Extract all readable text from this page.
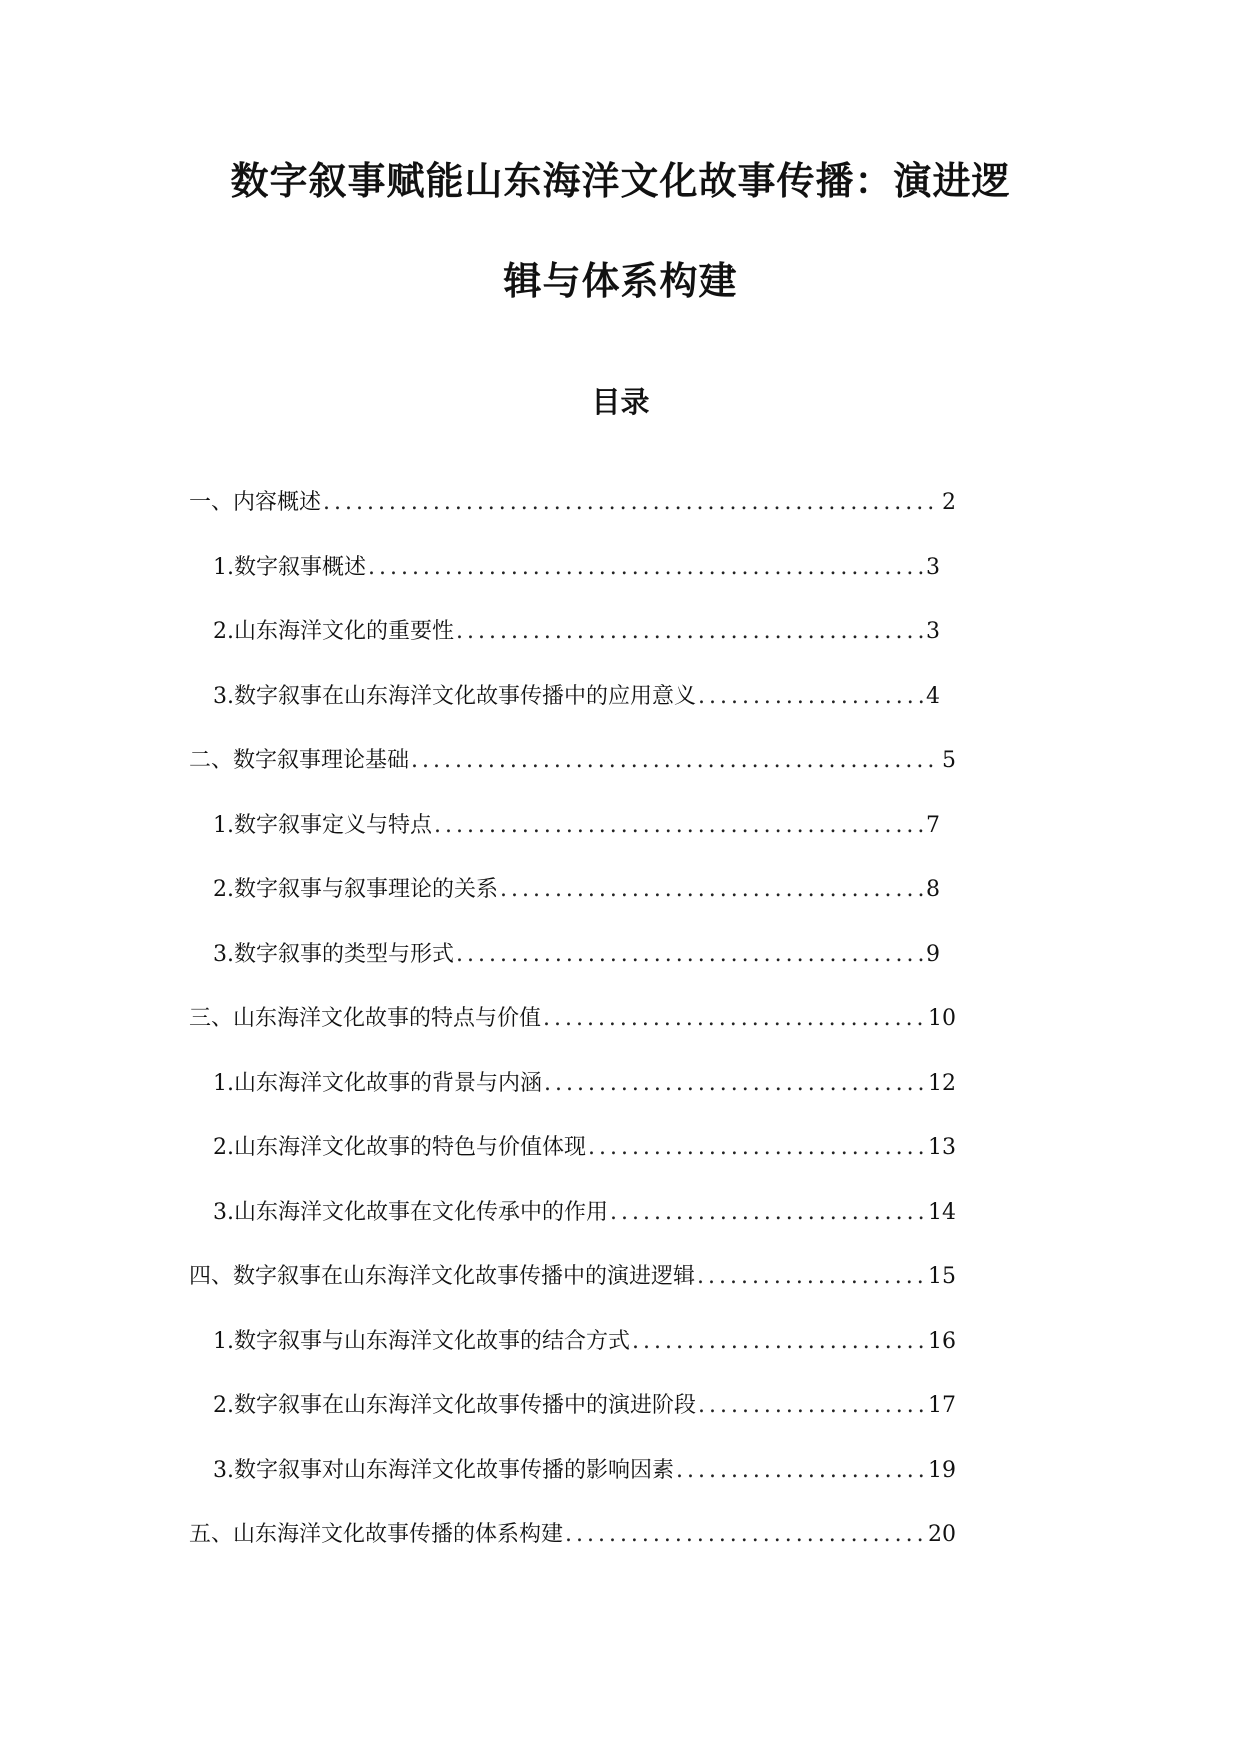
数字叙事赋能山东海洋文化故事传播：演进逻
辑与体系构建
目录
一、内容概述 . . .	2
1. 数字叙事概述 . . .	3
2. 山东海洋文化的重要性 . . .	3
3. 数字叙事在山东海洋文化故事传播中的应用意义 . . .	4
二、数字叙事理论基础 . . .	5
1. 数字叙事定义与特点 . . .	7
2. 数字叙事与叙事理论的关系 . . .	8
3. 数字叙事的类型与形式 . . .	9
三、山东海洋文化故事的特点与价值 . . .	10
1. 山东海洋文化故事的背景与内涵 . . .	12
2. 山东海洋文化故事的特色与价值体现 . . .	13
3. 山东海洋文化故事在文化传承中的作用 . . .	14
四、数字叙事在山东海洋文化故事传播中的演进逻辑 . . .	15
1. 数字叙事与山东海洋文化故事的结合方式 . . .	16
2. 数字叙事在山东海洋文化故事传播中的演进阶段 . . .	17
3. 数字叙事对山东海洋文化故事传播的影响因素 . . .	19
五、山东海洋文化故事传播的体系构建 . . .	20
